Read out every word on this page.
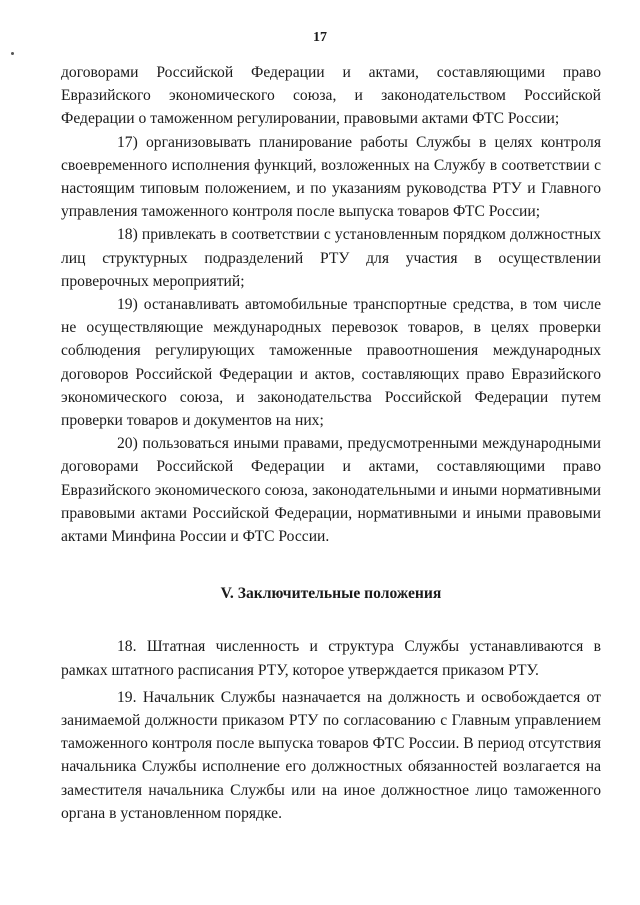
17

договорами Российской Федерации и актами, составляющими право Евразийского экономического союза, и законодательством Российской Федерации о таможенном регулировании, правовыми актами ФТС России;

17) организовывать планирование работы Службы в целях контроля своевременного исполнения функций, возложенных на Службу в соответствии с настоящим типовым положением, и по указаниям руководства РТУ и Главного управления таможенного контроля после выпуска товаров ФТС России;

18) привлекать в соответствии с установленным порядком должностных лиц структурных подразделений РТУ для участия в осуществлении проверочных мероприятий;

19) останавливать автомобильные транспортные средства, в том числе не осуществляющие международных перевозок товаров, в целях проверки соблюдения регулирующих таможенные правоотношения международных договоров Российской Федерации и актов, составляющих право Евразийского экономического союза, и законодательства Российской Федерации путем проверки товаров и документов на них;

20) пользоваться иными правами, предусмотренными международными договорами Российской Федерации и актами, составляющими право Евразийского экономического союза, законодательными и иными нормативными правовыми актами Российской Федерации, нормативными и иными правовыми актами Минфина России и ФТС России.

V. Заключительные положения

18. Штатная численность и структура Службы устанавливаются в рамках штатного расписания РТУ, которое утверждается приказом РТУ.

19. Начальник Службы назначается на должность и освобождается от занимаемой должности приказом РТУ по согласованию с Главным управлением таможенного контроля после выпуска товаров ФТС России. В период отсутствия начальника Службы исполнение его должностных обязанностей возлагается на заместителя начальника Службы или на иное должностное лицо таможенного органа в установленном порядке.
